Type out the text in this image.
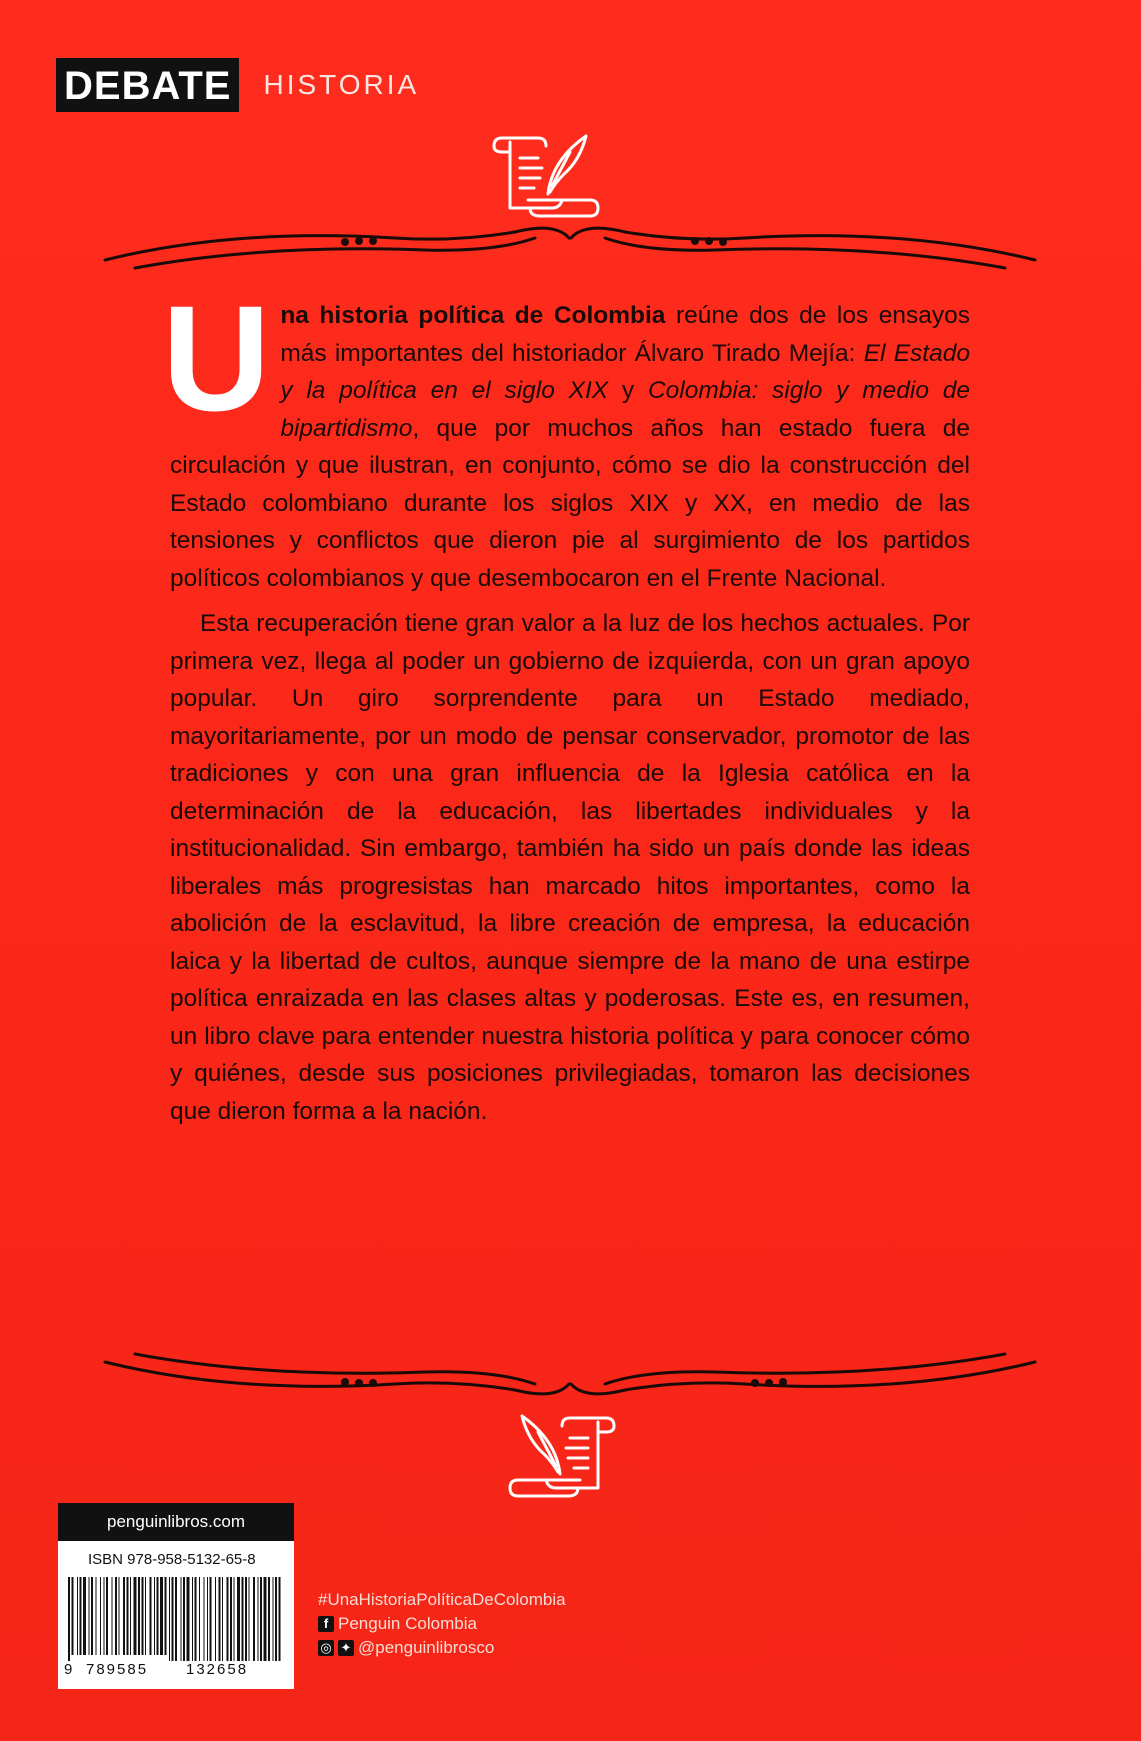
DEBATE HISTORIA

Una historia política de Colombia reúne dos de los ensayos más importantes del historiador Álvaro Tirado Mejía: El Estado y la política en el siglo XIX y Colombia: siglo y medio de bipartidismo, que por muchos años han estado fuera de circulación y que ilustran, en conjunto, cómo se dio la construcción del Estado colombiano durante los siglos XIX y XX, en medio de las tensiones y conflictos que dieron pie al surgimiento de los partidos políticos colombianos y que desembocaron en el Frente Nacional.

Esta recuperación tiene gran valor a la luz de los hechos actuales. Por primera vez, llega al poder un gobierno de izquierda, con un gran apoyo popular. Un giro sorprendente para un Estado mediado, mayoritariamente, por un modo de pensar conservador, promotor de las tradiciones y con una gran influencia de la Iglesia católica en la determinación de la educación, las libertades individuales y la institucionalidad. Sin embargo, también ha sido un país donde las ideas liberales más progresistas han marcado hitos importantes, como la abolición de la esclavitud, la libre creación de empresa, la educación laica y la libertad de cultos, aunque siempre de la mano de una estirpe política enraizada en las clases altas y poderosas. Este es, en resumen, un libro clave para entender nuestra historia política y para conocer cómo y quiénes, desde sus posiciones privilegiadas, tomaron las decisiones que dieron forma a la nación.

penguinlibros.com
ISBN 978-958-5132-65-8
9 789585	132658
#UnaHistoriaPolíticaDeColombia
f Penguin Colombia
◎ ✦ @penguinlibrosco
